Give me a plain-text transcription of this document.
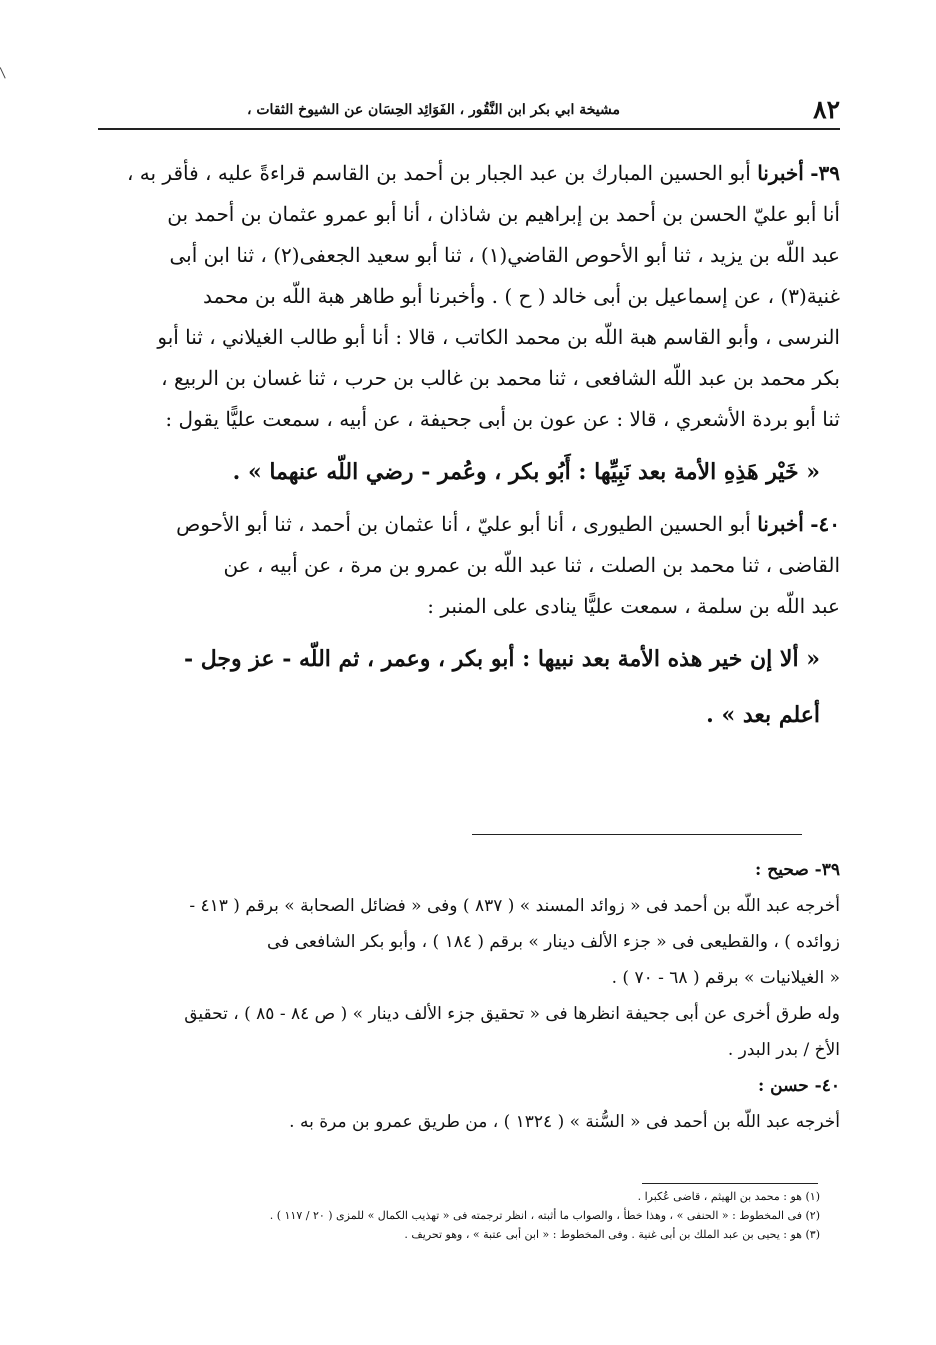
٨٢
مشيخة ابي بكر ابن النَّقُور ، الفَوَائِد الحِسَان عن الشيوخ الثقات ،

٣٩- أخبرنا أبو الحسين المبارك بن عبد الجبار بن أحمد بن القاسم قراءةً عليه ، فأقر به ،

أنا أبو عليّ الحسن بن أحمد بن إبراهيم بن شاذان ، أنا أبو عمرو عثمان بن أحمد بن

عبد اللّه بن يزيد ، ثنا أبو الأحوص القاضي(١) ، ثنا أبو سعيد الجعفى(٢) ، ثنا ابن أبى

غنية(٣) ، عن إسماعيل بن أبى خالد ( ح ) . وأخبرنا أبو طاهر هبة اللّه بن محمد

النرسى ، وأبو القاسم هبة اللّه بن محمد الكاتب ، قالا : أنا أبو طالب الغيلاني ، ثنا أبو

بكر محمد بن عبد اللّه الشافعى ، ثنا محمد بن غالب بن حرب ، ثنا غسان بن الربيع ،

ثنا أبو بردة الأشعري ، قالا : عن عون بن أبى جحيفة ، عن أبيه ، سمعت عليًّا يقول :

« خَيْر هَذِهِ الأمة بعد نَبِيِّها : أَبُو بكر ، وعُمر - رضي اللّه عنهما » .

٤٠- أخبرنا أبو الحسين الطيورى ، أنا أبو عليّ ، أنا عثمان بن أحمد ، ثنا أبو الأحوص

القاضى ، ثنا محمد بن الصلت ، ثنا عبد اللّه بن عمرو بن مرة ، عن أبيه ، عن

عبد اللّه بن سلمة ، سمعت عليًّا ينادى على المنبر :

« ألا إن خير هذه الأمة بعد نبيها : أبو بكر ، وعمر ، ثم اللّه - عز وجل -

أعلم بعد » .

٣٩- صحيح :

أخرجه عبد اللّه بن أحمد فى « زوائد المسند » ( ٨٣٧ ) وفى « فضائل الصحابة » برقم ( ٤١٣ -

زوائده ) ، والقطيعى فى « جزء الألف دينار » برقم ( ١٨٤ ) ، وأبو بكر الشافعى فى

« الغيلانيات » برقم ( ٦٨ - ٧٠ ) .

وله طرق أخرى عن أبى جحيفة انظرها فى « تحقيق جزء الألف دينار » ( ص ٨٤ - ٨٥ ) ، تحقيق

الأخ / بدر البدر .

٤٠- حسن :

أخرجه عبد اللّه بن أحمد فى « السُّنة » ( ١٣٢٤ ) ، من طريق عمرو بن مرة به .

(١) هو : محمد بن الهيثم ، قاضى عُكبرا .

(٢) فى المخطوط : « الحنفى » ، وهذا خطأ ، والصواب ما أثبته ، انظر ترجمته فى « تهذيب الكمال » للمزى ( ٢٠ / ١١٧ ) .

(٣) هو : يحيى بن عبد الملك بن أبى غنية . وفى المخطوط : « ابن أبى عتبة » ، وهو تحريف .
